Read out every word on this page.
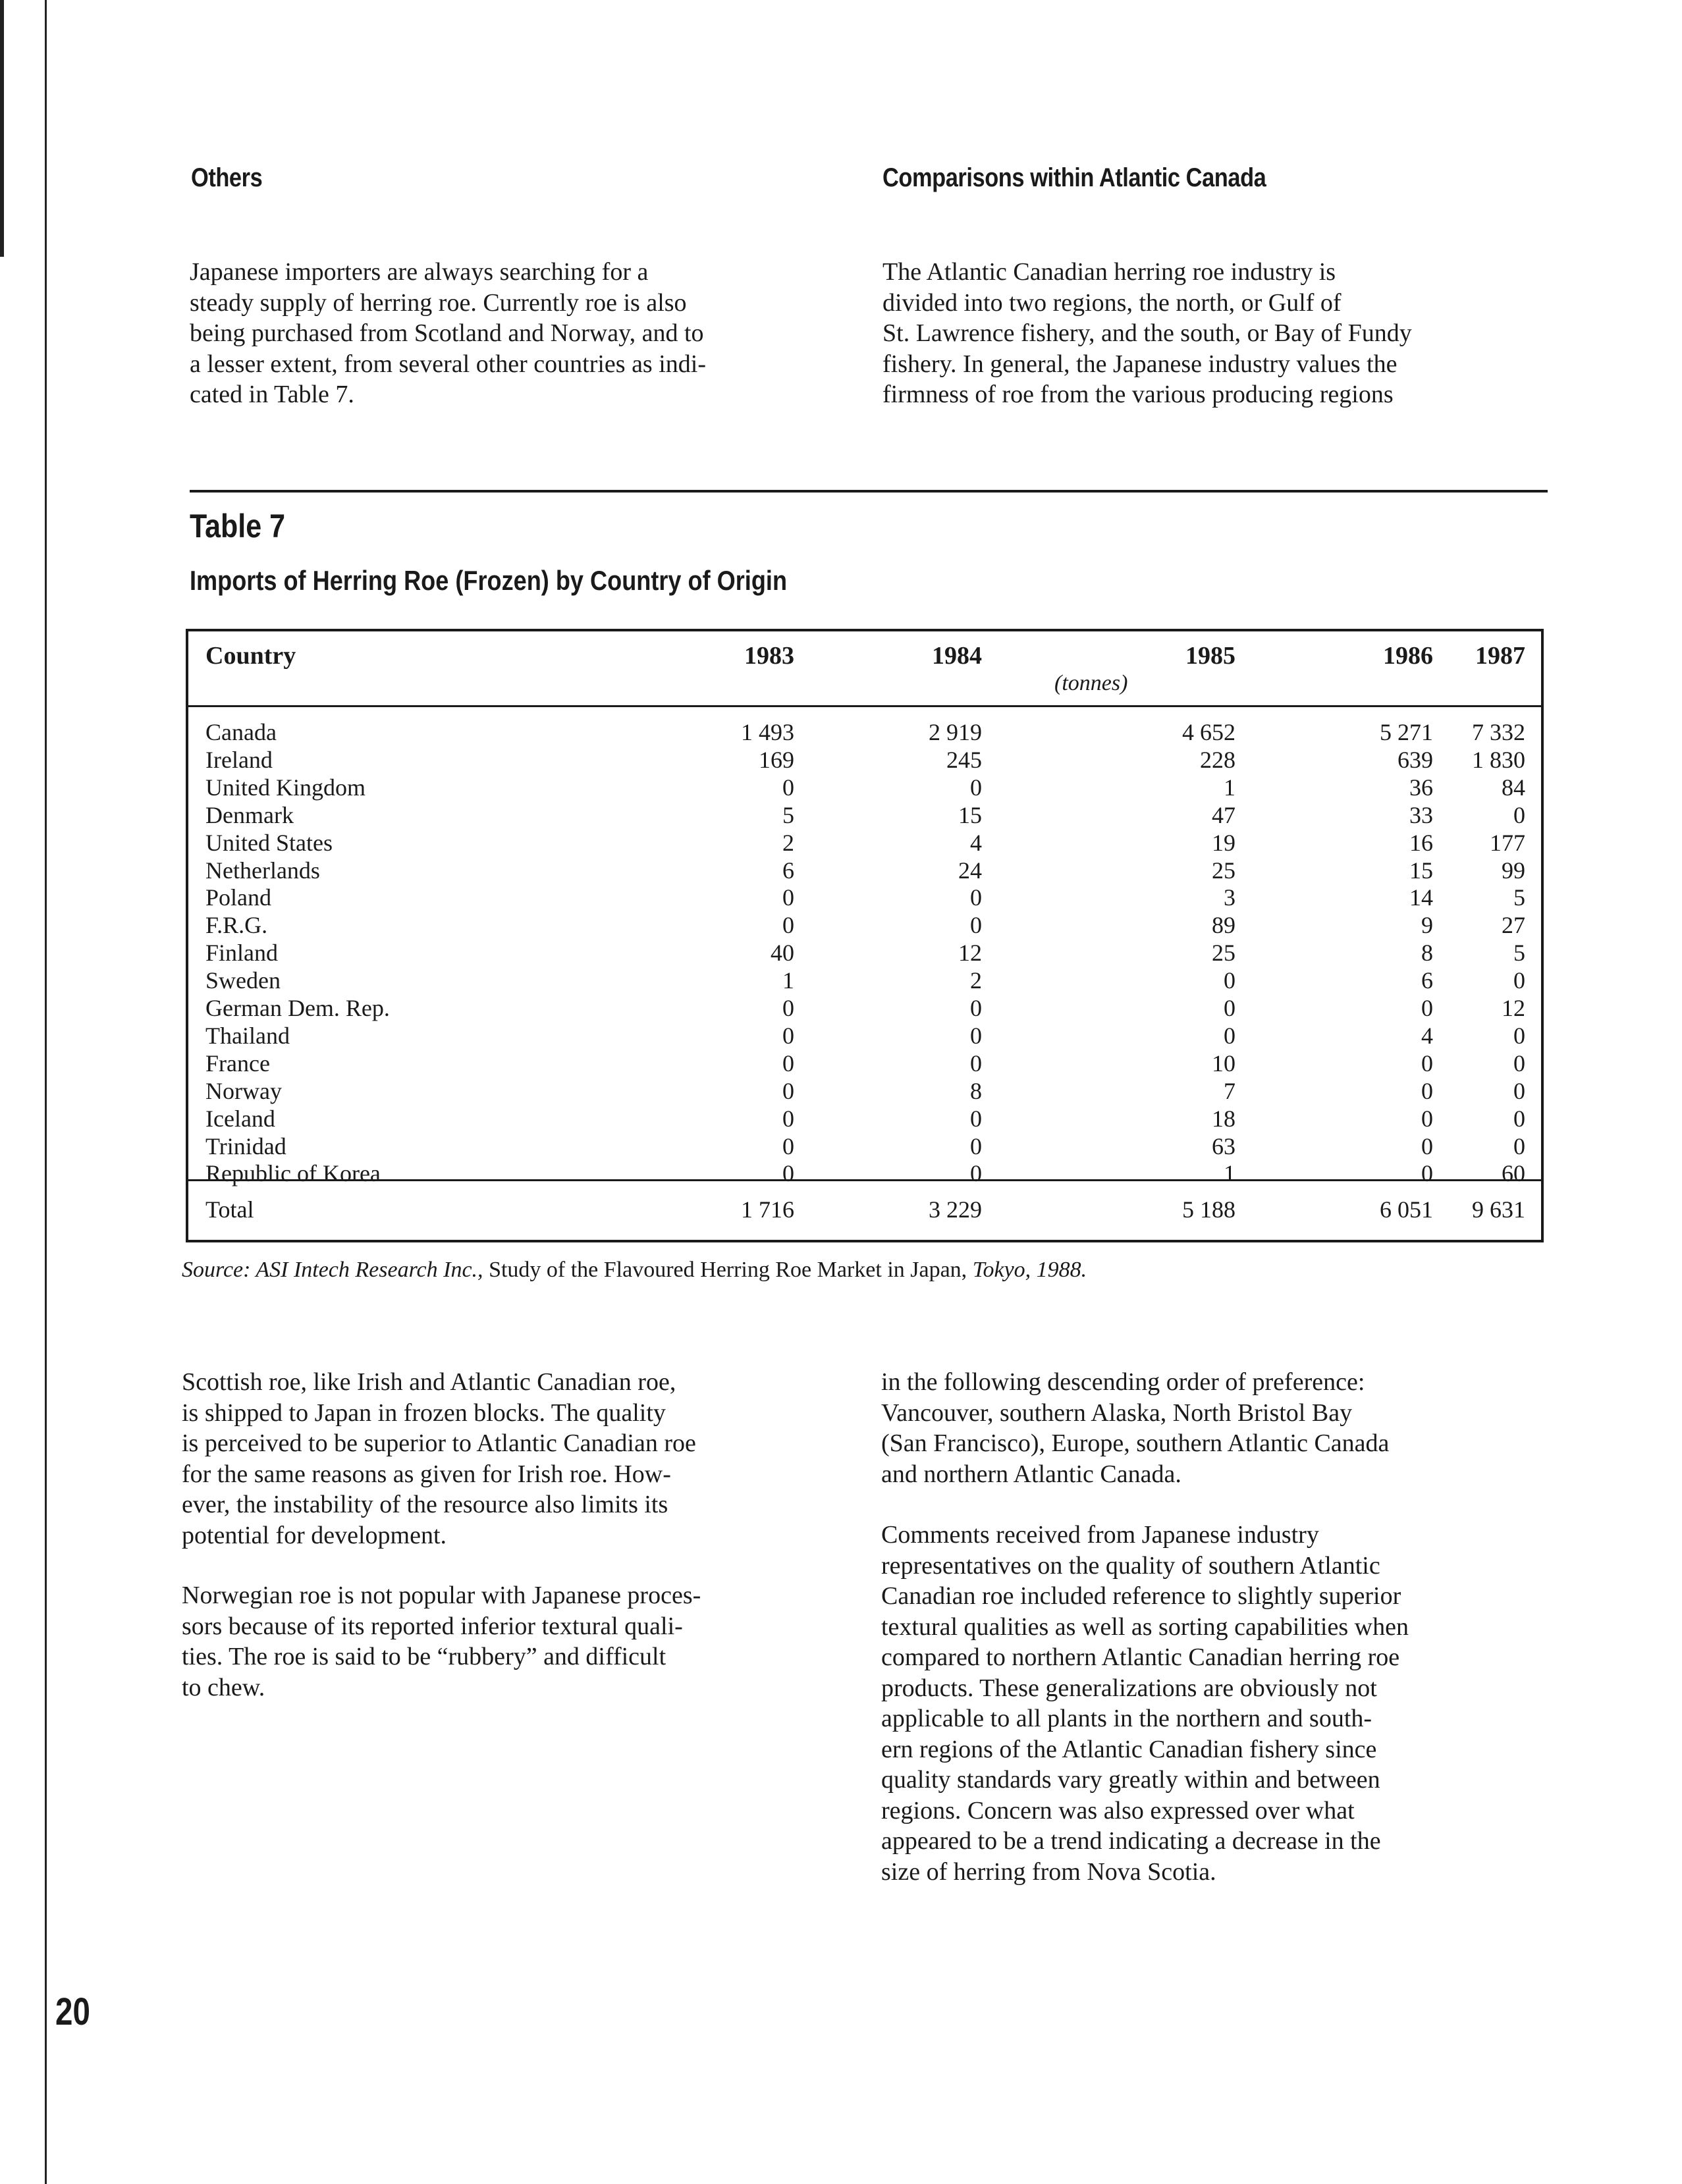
Others	Comparisons within Atlantic Canada
Japanese importers are always searching for a
steady supply of herring roe. Currently roe is also
being purchased from Scotland and Norway, and to
a lesser extent, from several other countries as indi-
cated in Table 7.
The Atlantic Canadian herring roe industry is
divided into two regions, the north, or Gulf of
St. Lawrence fishery, and the south, or Bay of Fundy
fishery. In general, the Japanese industry values the
firmness of roe from the various producing regions
Table 7
Imports of Herring Roe (Frozen) by Country of Origin
Country	1983	1984	1985	1986	1987
(tonnes)
Canada	1 493	2 919	4 652	5 271	7 332
Ireland	169	245	228	639	1 830
United Kingdom	0	0	1	36	84
Denmark	5	15	47	33	0
United States	2	4	19	16	177
Netherlands	6	24	25	15	99
Poland	0	0	3	14	5
F.R.G.	0	0	89	9	27
Finland	40	12	25	8	5
Sweden	1	2	0	6	0
German Dem. Rep.	0	0	0	0	12
Thailand	0	0	0	4	0
France	0	0	10	0	0
Norway	0	8	7	0	0
Iceland	0	0	18	0	0
Trinidad	0	0	63	0	0
Republic of Korea	0	0	1	0	60
Total	1 716	3 229	5 188	6 051	9 631
Source: ASI Intech Research Inc., Study of the Flavoured Herring Roe Market in Japan, Tokyo, 1988.
Scottish roe, like Irish and Atlantic Canadian roe,
is shipped to Japan in frozen blocks. The quality
is perceived to be superior to Atlantic Canadian roe
for the same reasons as given for Irish roe. How-
ever, the instability of the resource also limits its
potential for development.
Norwegian roe is not popular with Japanese proces-
sors because of its reported inferior textural quali-
ties. The roe is said to be “rubbery” and difficult
to chew.
in the following descending order of preference:
Vancouver, southern Alaska, North Bristol Bay
(San Francisco), Europe, southern Atlantic Canada
and northern Atlantic Canada.
Comments received from Japanese industry
representatives on the quality of southern Atlantic
Canadian roe included reference to slightly superior
textural qualities as well as sorting capabilities when
compared to northern Atlantic Canadian herring roe
products. These generalizations are obviously not
applicable to all plants in the northern and south-
ern regions of the Atlantic Canadian fishery since
quality standards vary greatly within and between
regions. Concern was also expressed over what
appeared to be a trend indicating a decrease in the
size of herring from Nova Scotia.
20
